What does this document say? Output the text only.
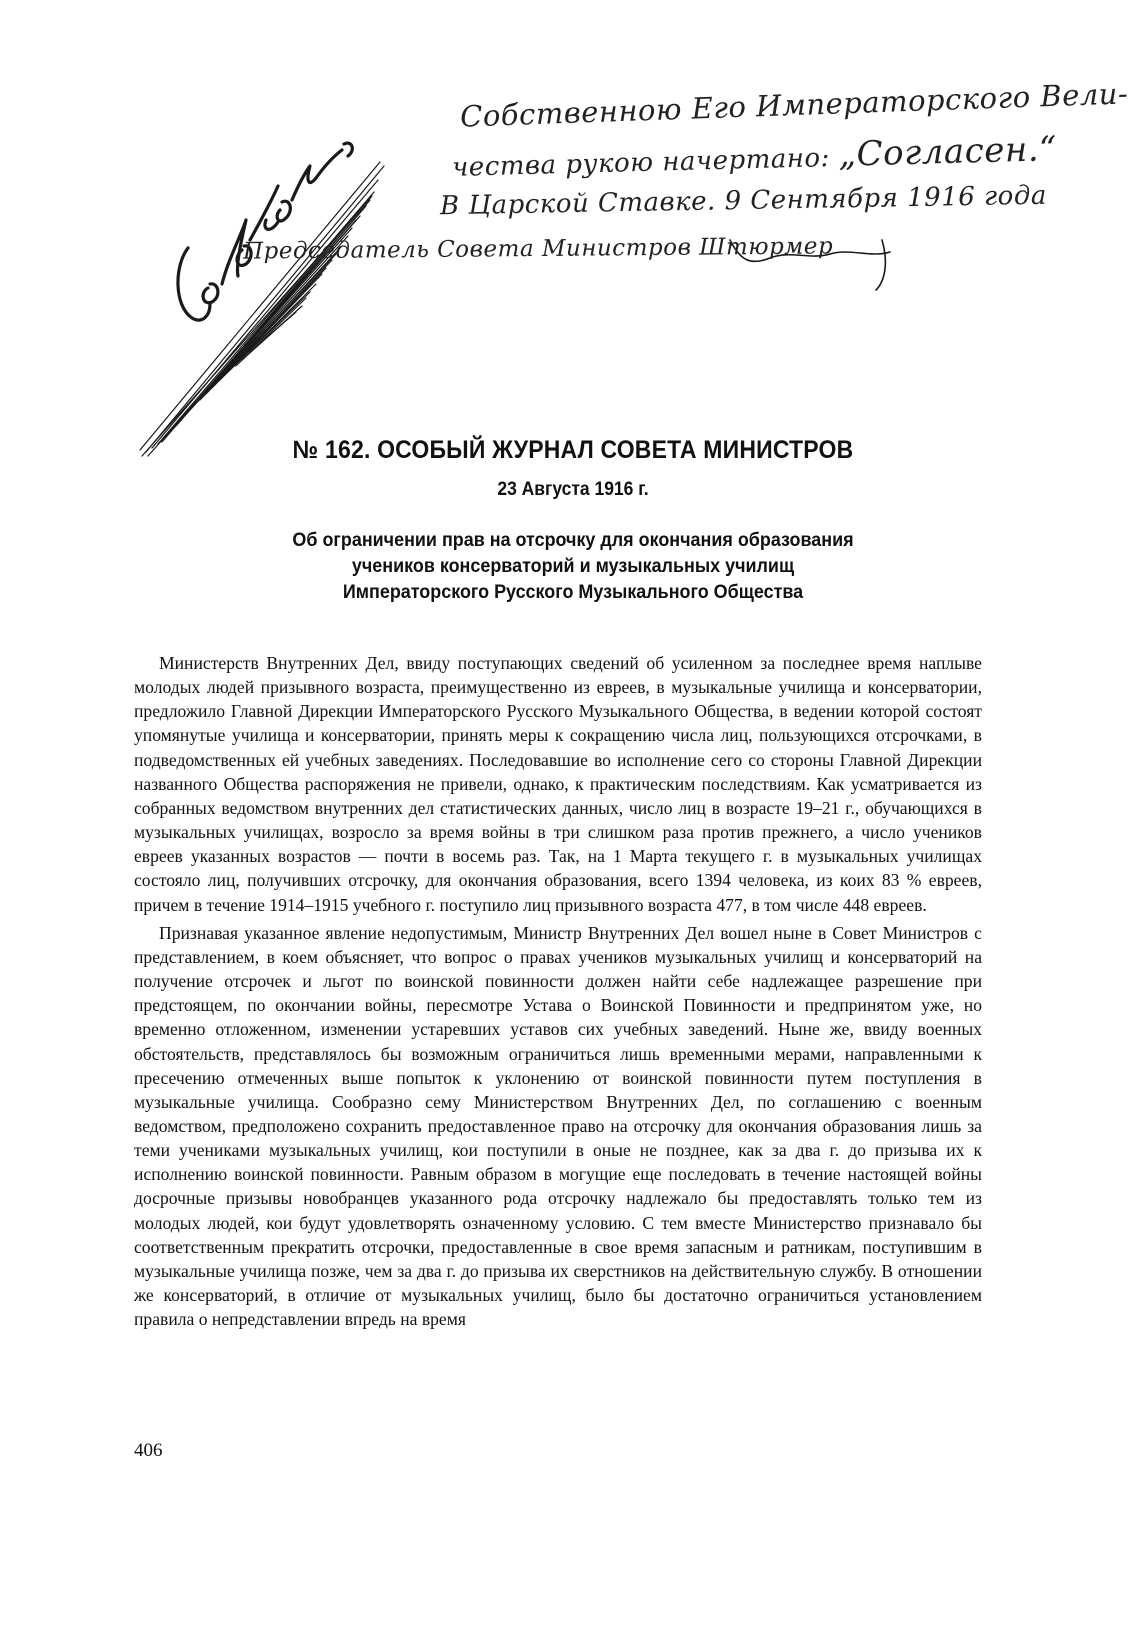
Собственною Его Императорского Вели-
чества рукою начертано: „Согласен.“
В Царской Ставке. 9 Сентября 1916 года
Председатель Совета Министров Штюрмер
№ 162. ОСОБЫЙ ЖУРНАЛ СОВЕТА МИНИСТРОВ
23 Августа 1916 г.
Об ограничении прав на отсрочку для окончания образования
учеников консерваторий и музыкальных училищ
Императорского Русского Музыкального Общества

Министерств Внутренних Дел, ввиду поступающих сведений об усиленном за последнее время наплыве молодых людей призывного возраста, преимущественно из евреев, в музыкальные училища и консерватории, предложило Главной Дирекции Императорского Русского Музыкального Общества, в ведении которой состоят упомянутые училища и консерватории, принять меры к сокращению числа лиц, пользующихся отсрочками, в подведомственных ей учебных заведениях. Последовавшие во исполнение сего со стороны Главной Дирекции названного Общества распоряжения не привели, однако, к практическим последствиям. Как усматривается из собранных ведомством внутренних дел статистических данных, число лиц в возрасте 19–21 г., обучающихся в музыкальных училищах, возросло за время войны в три слишком раза против прежнего, а число учеников евреев указанных возрастов — почти в восемь раз. Так, на 1 Марта текущего г. в музыкальных училищах состояло лиц, получивших отсрочку, для окончания образования, всего 1394 человека, из коих 83 % евреев, причем в течение 1914–1915 учебного г. поступило лиц призывного возраста 477, в том числе 448 евреев.

Признавая указанное явление недопустимым, Министр Внутренних Дел вошел ныне в Совет Министров с представлением, в коем объясняет, что вопрос о правах учеников музыкальных училищ и консерваторий на получение отсрочек и льгот по воинской повинности должен найти себе надлежащее разрешение при предстоящем, по окончании войны, пересмотре Устава о Воинской Повинности и предпринятом уже, но временно отложенном, изменении устаревших уставов сих учебных заведений. Ныне же, ввиду военных обстоятельств, представлялось бы возможным ограничиться лишь временными мерами, направленными к пресечению отмеченных выше попыток к уклонению от воинской повинности путем поступления в музыкальные училища. Сообразно сему Министерством Внутренних Дел, по соглашению с военным ведомством, предположено сохранить предоставленное право на отсрочку для окончания образования лишь за теми учениками музыкальных училищ, кои поступили в оные не позднее, как за два г. до призыва их к исполнению воинской повинности. Равным образом в могущие еще последовать в течение настоящей войны досрочные призывы новобранцев указанного рода отсрочку надлежало бы предоставлять только тем из молодых людей, кои будут удовлетворять означенному условию. С тем вместе Министерство признавало бы соответственным прекратить отсрочки, предоставленные в свое время запасным и ратникам, поступившим в музыкальные училища позже, чем за два г. до призыва их сверстников на действительную службу. В отношении же консерваторий, в отличие от музыкальных училищ, было бы достаточно ограничиться установлением правила о непредставлении впредь на время

406
